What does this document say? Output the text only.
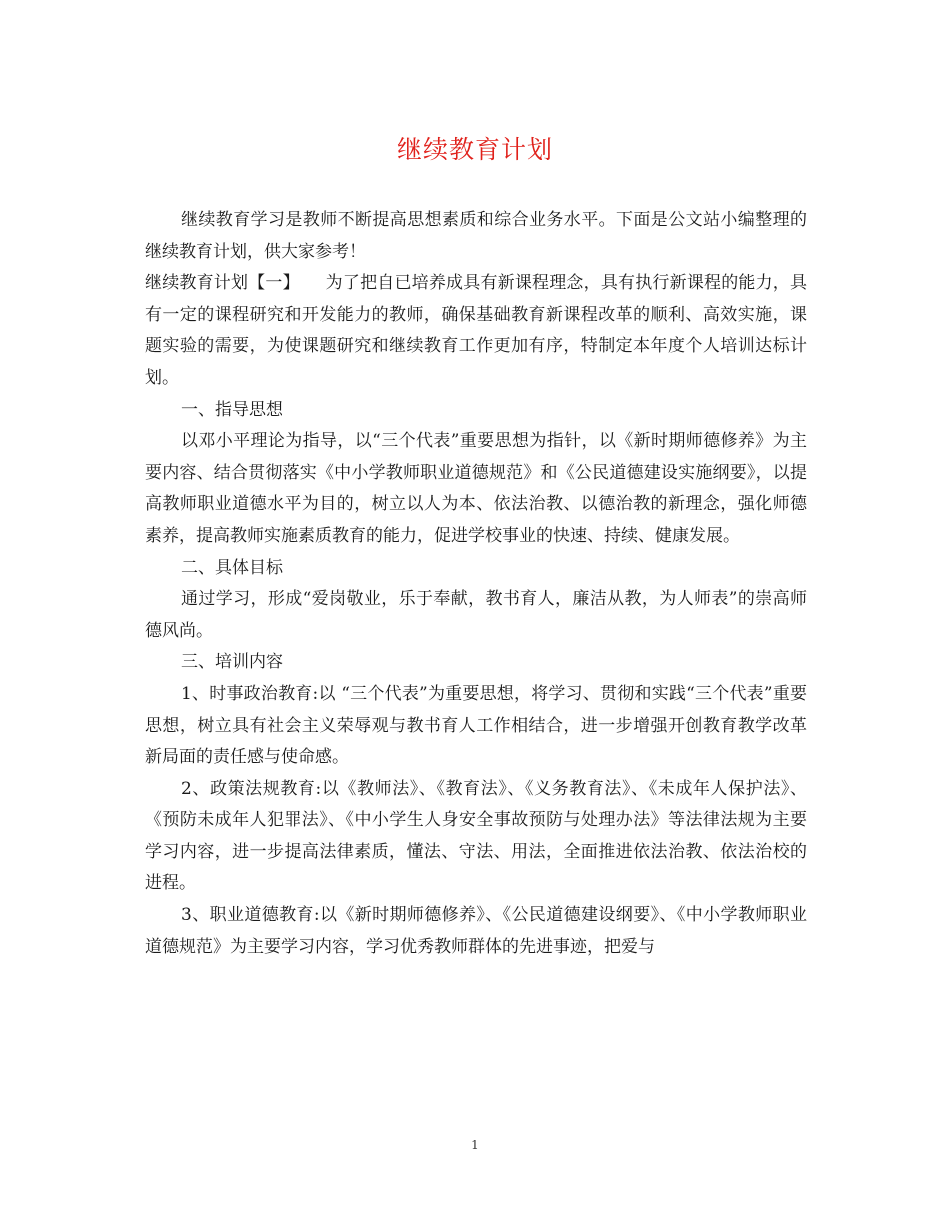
继续教育计划

继续教育学习是教师不断提高思想素质和综合业务水平。下面是公文站小编整理的继续教育计划，供大家参考！

继续教育计划【一】　　为了把自已培养成具有新课程理念，具有执行新课程的能力，具有一定的课程研究和开发能力的教师，确保基础教育新课程改革的顺利、高效实施，课题实验的需要，为使课题研究和继续教育工作更加有序，特制定本年度个人培训达标计划。

一、指导思想

以邓小平理论为指导，以“三个代表”重要思想为指针，以《新时期师德修养》为主要内容、结合贯彻落实《中小学教师职业道德规范》和《公民道德建设实施纲要》，以提高教师职业道德水平为目的，树立以人为本、依法治教、以德治教的新理念，强化师德素养，提高教师实施素质教育的能力，促进学校事业的快速、持续、健康发展。

二、具体目标

通过学习，形成“爱岗敬业，乐于奉献，教书育人，廉洁从教，为人师表”的崇高师德风尚。

三、培训内容

1、时事政治教育:以 “三个代表”为重要思想，将学习、贯彻和实践“三个代表”重要思想，树立具有社会主义荣辱观与教书育人工作相结合，进一步增强开创教育教学改革新局面的责任感与使命感。

2、政策法规教育:以《教师法》、《教育法》、《义务教育法》、《未成年人保护法》、《预防未成年人犯罪法》、《中小学生人身安全事故预防与处理办法》等法律法规为主要学习内容，进一步提高法律素质，懂法、守法、用法，全面推进依法治教、依法治校的进程。

3、职业道德教育:以《新时期师德修养》、《公民道德建设纲要》、《中小学教师职业道德规范》为主要学习内容，学习优秀教师群体的先进事迹，把爱与

1
